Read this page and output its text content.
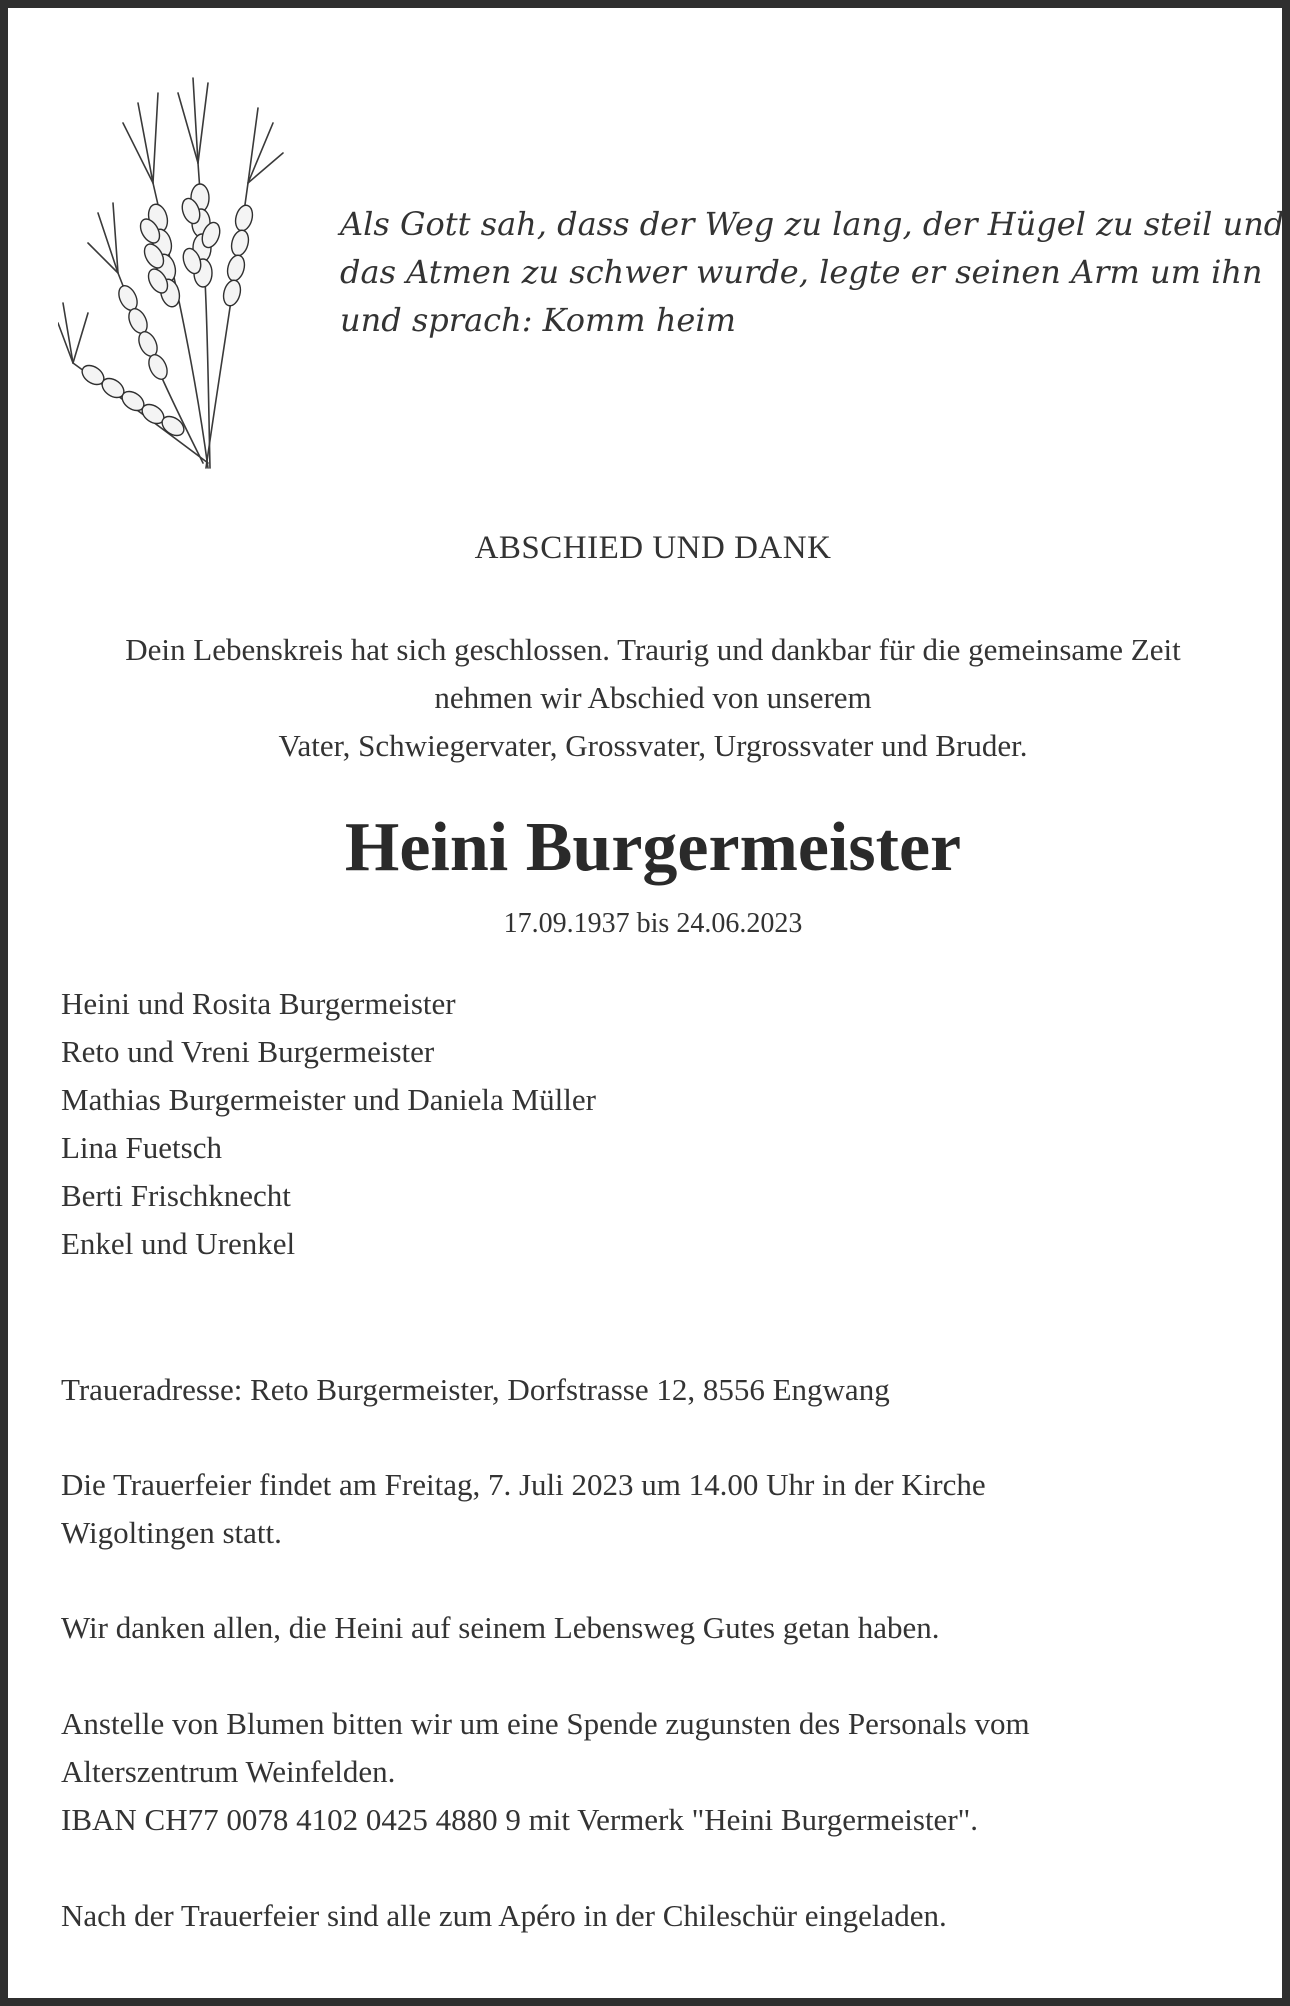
Als Gott sah, dass der Weg zu lang, der Hügel zu steil und
das Atmen zu schwer wurde, legte er seinen Arm um ihn
und sprach: Komm heim

ABSCHIED UND DANK
Dein Lebenskreis hat sich geschlossen. Traurig und dankbar für die gemeinsame Zeit
nehmen wir Abschied von unserem
Vater, Schwiegervater, Grossvater, Urgrossvater und Bruder.
Heini Burgermeister
17.09.1937 bis 24.06.2023
Heini und Rosita Burgermeister
Reto und Vreni Burgermeister
Mathias Burgermeister und Daniela Müller
Lina Fuetsch
Berti Frischknecht
Enkel und Urenkel

Traueradresse: Reto Burgermeister, Dorfstrasse 12, 8556 Engwang

Die Trauerfeier findet am Freitag, 7. Juli 2023 um 14.00 Uhr in der Kirche
Wigoltingen statt.

Wir danken allen, die Heini auf seinem Lebensweg Gutes getan haben.

Anstelle von Blumen bitten wir um eine Spende zugunsten des Personals vom
Alterszentrum Weinfelden.
IBAN CH77 0078 4102 0425 4880 9 mit Vermerk "Heini Burgermeister".

Nach der Trauerfeier sind alle zum Apéro in der Chileschür eingeladen.
